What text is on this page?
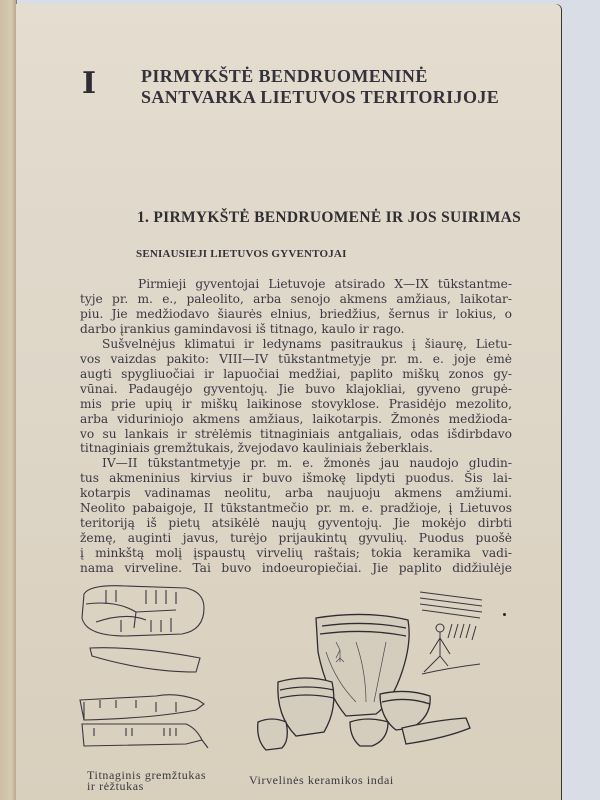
I PIRMYKŠTĖ BENDRUOMENINĖ
SANTVARKA LIETUVOS TERITORIJOJE
1. PIRMYKŠTĖ BENDRUOMENĖ IR JOS SUIRIMAS
SENIAUSIEJI LIETUVOS GYVENTOJAI

Pirmieji gyventojai Lietuvoje atsirado X—IX tūkstantme-
tyje pr. m. e., paleolito, arba senojo akmens amžiaus, laikotar-
piu. Jie medžiodavo šiaurės elnius, briedžius, šernus ir lokius, o
darbo įrankius gamindavosi iš titnago, kaulo ir rago.

Sušvelnėjus klimatui ir ledynams pasitraukus į šiaurę, Lietu-
vos vaizdas pakito: VIII—IV tūkstantmetyje pr. m. e. joje ėmė
augti spygliuočiai ir lapuočiai medžiai, paplito miškų zonos gy-
vūnai. Padaugėjo gyventojų. Jie buvo klajokliai, gyveno grupė-
mis prie upių ir miškų laikinose stovyklose. Prasidėjo mezolito,
arba viduriniojo akmens amžiaus, laikotarpis. Žmonės medžioda-
vo su lankais ir strėlėmis titnaginiais antgaliais, odas išdirbdavo
titnaginiais gremžtukais, žvejodavo kauliniais žeberklais.

IV—II tūkstantmetyje pr. m. e. žmonės jau naudojo gludin-
tus akmeninius kirvius ir buvo išmokę lipdyti puodus. Šis lai-
kotarpis vadinamas neolitu, arba naujuoju akmens amžiumi.
Neolito pabaigoje, II tūkstantmečio pr. m. e. pradžioje, į Lietuvos
teritoriją iš pietų atsikėlė naujų gyventojų. Jie mokėjo dirbti
žemę, auginti javus, turėjo prijaukintų gyvulių. Puodus puošė
į minkštą molį įspaustų virvelių raštais; tokia keramika vadi-
nama virveline. Tai buvo indoeuropiečiai. Jie paplito didžiulėje

Titnaginis gremžtukas
ir rėžtukas	Virvelinės keramikos indai
